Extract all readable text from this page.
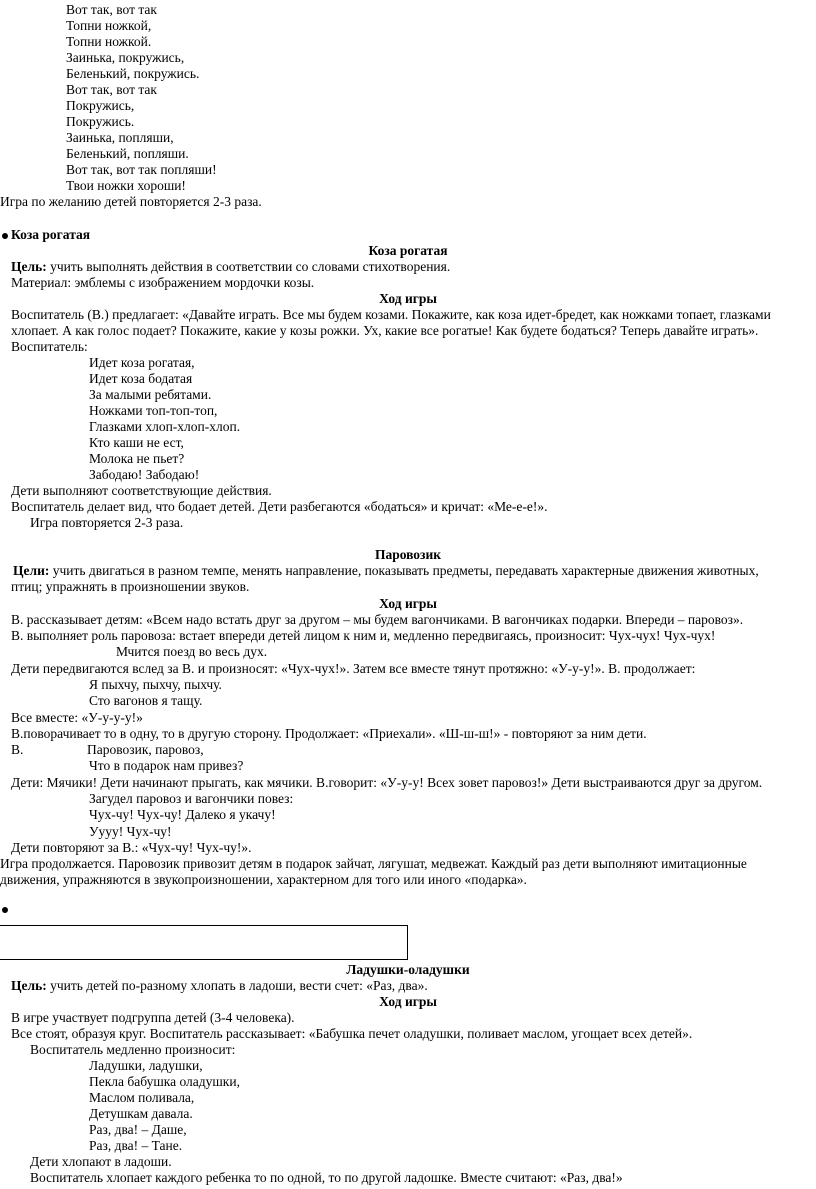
Вот так, вот так
Топни ножкой,
Топни ножкой.
Заинька, покружись,
Беленький, покружись.
Вот так, вот так
Покружись,
Покружись.
Заинька, попляши,
Беленький, попляши.
Вот так, вот так попляши!
Твои ножки хороши!
Игра по желанию детей повторяется 2-3 раза.
Коза рогатая
Коза рогатая
Цель: учить выполнять действия в соответствии со словами стихотворения.
Материал: эмблемы с изображением мордочки козы.
Ход игры
Воспитатель (В.) предлагает: «Давайте играть. Все мы будем козами. Покажите, как коза идет-бредет, как ножками топает, глазками
хлопает. А как голос подает? Покажите, какие у козы рожки. Ух, какие все рогатые! Как будете бодаться? Теперь давайте играть».
Воспитатель:
Идет коза рогатая,
Идет коза бодатая
За малыми ребятами.
Ножками топ-топ-топ,
Глазками хлоп-хлоп-хлоп.
Кто каши не ест,
Молока не пьет?
Забодаю! Забодаю!
Дети выполняют соответствующие действия.
Воспитатель делает вид, что бодает детей. Дети разбегаются «бодаться» и кричат: «Ме-е-е!».
Игра повторяется 2-3 раза.
Паровозик
Цели: учить двигаться в разном темпе, менять направление, показывать предметы, передавать характерные движения животных,
птиц; упражнять в произношении звуков.
Ход игры
В. рассказывает детям: «Всем надо встать друг за другом – мы будем вагончиками. В вагончиках подарки. Впереди – паровоз».
В. выполняет роль паровоза: встает впереди детей лицом к ним и, медленно передвигаясь, произносит: Чух-чух! Чух-чух!
Мчится поезд во весь дух.
Дети передвигаются вслед за В. и произносят: «Чух-чух!». Затем все вместе тянут протяжно: «У-у-у!». В. продолжает:
Я пыхчу, пыхчу, пыхчу.
Сто вагонов я тащу.
Все вместе: «У-у-у-у!»
В.поворачивает то в одну, то в другую сторону. Продолжает: «Приехали». «Ш-ш-ш!» - повторяют за ним дети.
В.	Паровозик, паровоз,
Что в подарок нам привез?
Дети: Мячики! Дети начинают прыгать, как мячики. В.говорит: «У-у-у! Всех зовет паровоз!» Дети выстраиваются друг за другом.
Загудел паровоз и вагончики повез:
Чух-чу! Чух-чу! Далеко я укачу!
Уууу! Чух-чу!
Дети повторяют за В.: «Чух-чу! Чух-чу!».
Игра продолжается. Паровозик привозит детям в подарок зайчат, лягушат, медвежат. Каждый раз дети выполняют имитационные
движения, упражняются в звукопроизношении, характерном для того или иного «подарка».
Ладушки-оладушки
Цель: учить детей по-разному хлопать в ладоши, вести счет: «Раз, два».
Ход игры
В игре участвует подгруппа детей (3-4 человека).
Все стоят, образуя круг. Воспитатель рассказывает: «Бабушка печет оладушки, поливает маслом, угощает всех детей».
Воспитатель медленно произносит:
Ладушки, ладушки,
Пекла бабушка оладушки,
Маслом поливала,
Детушкам давала.
Раз, два! – Даше,
Раз, два! – Тане.
Дети хлопают в ладоши.
Воспитатель хлопает каждого ребенка то по одной, то по другой ладошке. Вместе считают: «Раз, два!»
